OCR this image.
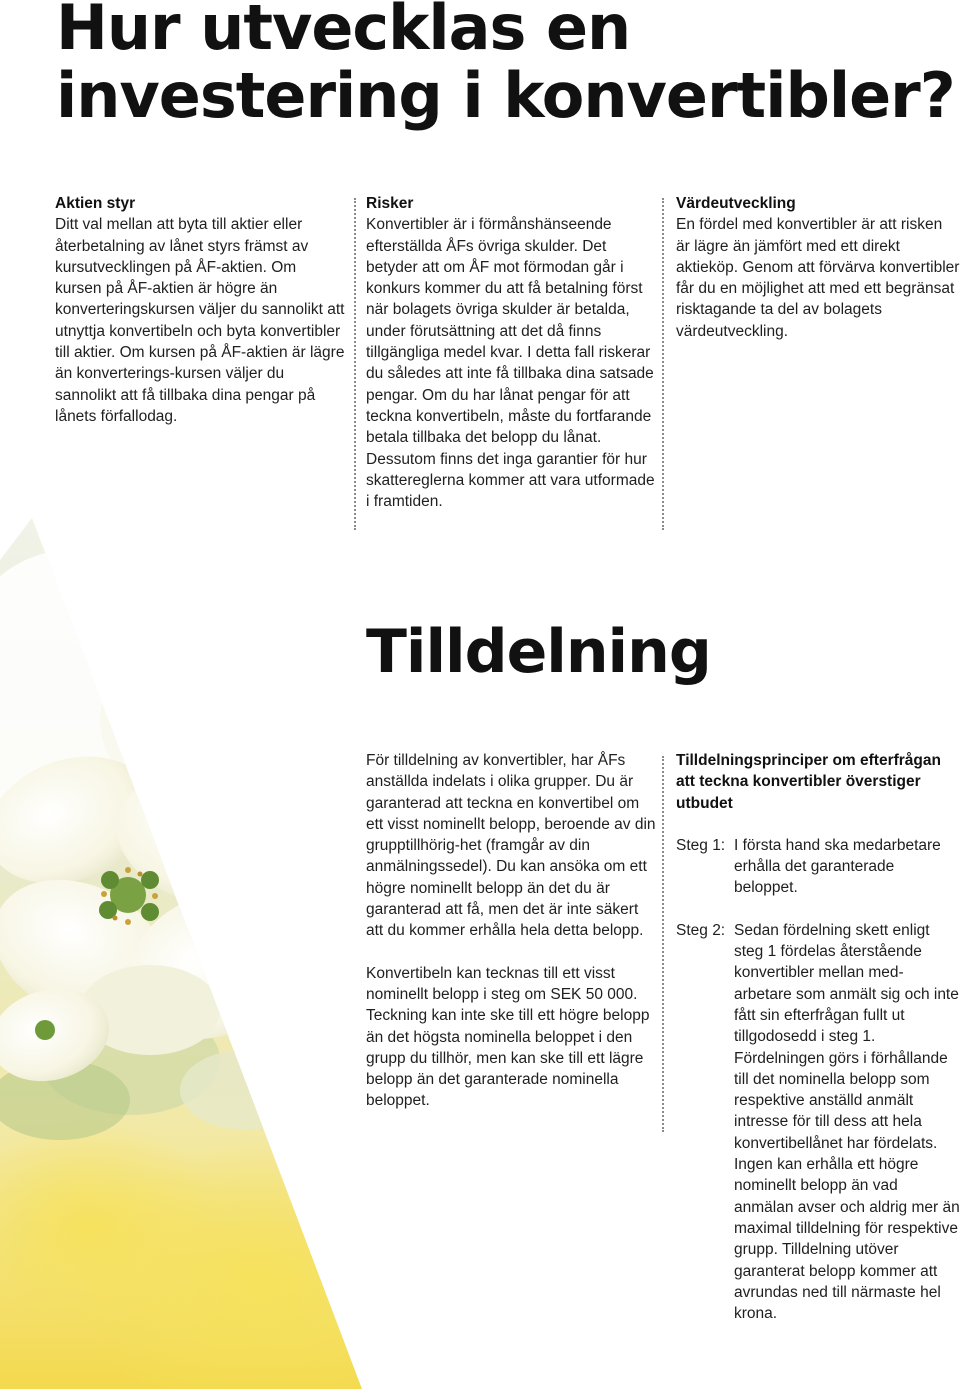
Hur utvecklas en
investering i konvertibler?
Aktien styr

Ditt val mellan att byta till aktier eller återbetalning av lånet styrs främst av kursutvecklingen på ÅF-aktien. Om kursen på ÅF-aktien är högre än konverteringskursen väljer du sannolikt att utnyttja konvertibeln och byta konvertibler till aktier. Om kursen på ÅF-aktien är lägre än konverterings-kursen väljer du sannolikt att få tillbaka dina pengar på lånets förfallodag.

Risker

Konvertibler är i förmånshänseende efterställda ÅFs övriga skulder. Det betyder att om ÅF mot förmodan går i konkurs kommer du att få betalning först när bolagets övriga skulder är betalda, under förutsättning att det då finns tillgängliga medel kvar. I detta fall riskerar du således att inte få tillbaka dina satsade pengar. Om du har lånat pengar för att teckna konvertibeln, måste du fortfarande betala tillbaka det belopp du lånat. Dessutom finns det inga garantier för hur skattereglerna kommer att vara utformade i framtiden.

Värdeutveckling

En fördel med konvertibler är att risken är lägre än jämfört med ett direkt aktieköp. Genom att förvärva konvertibler får du en möjlighet att med ett begränsat risktagande ta del av bolagets värdeutveckling.

Tilldelning

För tilldelning av konvertibler, har ÅFs anställda indelats i olika grupper. Du är garanterad att teckna en konvertibel om ett visst nominellt belopp, beroende av din grupptillhörig-het (framgår av din anmälningssedel). Du kan ansöka om ett högre nominellt belopp än det du är garanterad att få, men det är inte säkert att du kommer erhålla hela detta belopp.

Konvertibeln kan tecknas till ett visst nominellt belopp i steg om SEK 50 000. Teckning kan inte ske till ett högre belopp än det högsta nominella beloppet i den grupp du tillhör, men kan ske till ett lägre belopp än det garanterade nominella beloppet.

Tilldelningsprinciper om efterfrågan att teckna konvertibler överstiger utbudet
Steg 1: I första hand ska medarbetare erhålla det garanterade beloppet.
Steg 2: Sedan fördelning skett enligt steg 1 fördelas återstående konvertibler mellan med-arbetare som anmält sig och inte fått sin efterfrågan fullt ut tillgodosedd i steg 1. Fördelningen görs i förhållande till det nominella belopp som respektive anställd anmält intresse för till dess att hela konvertibellånet har fördelats. Ingen kan erhålla ett högre nominellt belopp än vad anmälan avser och aldrig mer än maximal tilldelning för respektive grupp. Tilldelning utöver garanterat belopp kommer att avrundas ned till närmaste hel krona.
